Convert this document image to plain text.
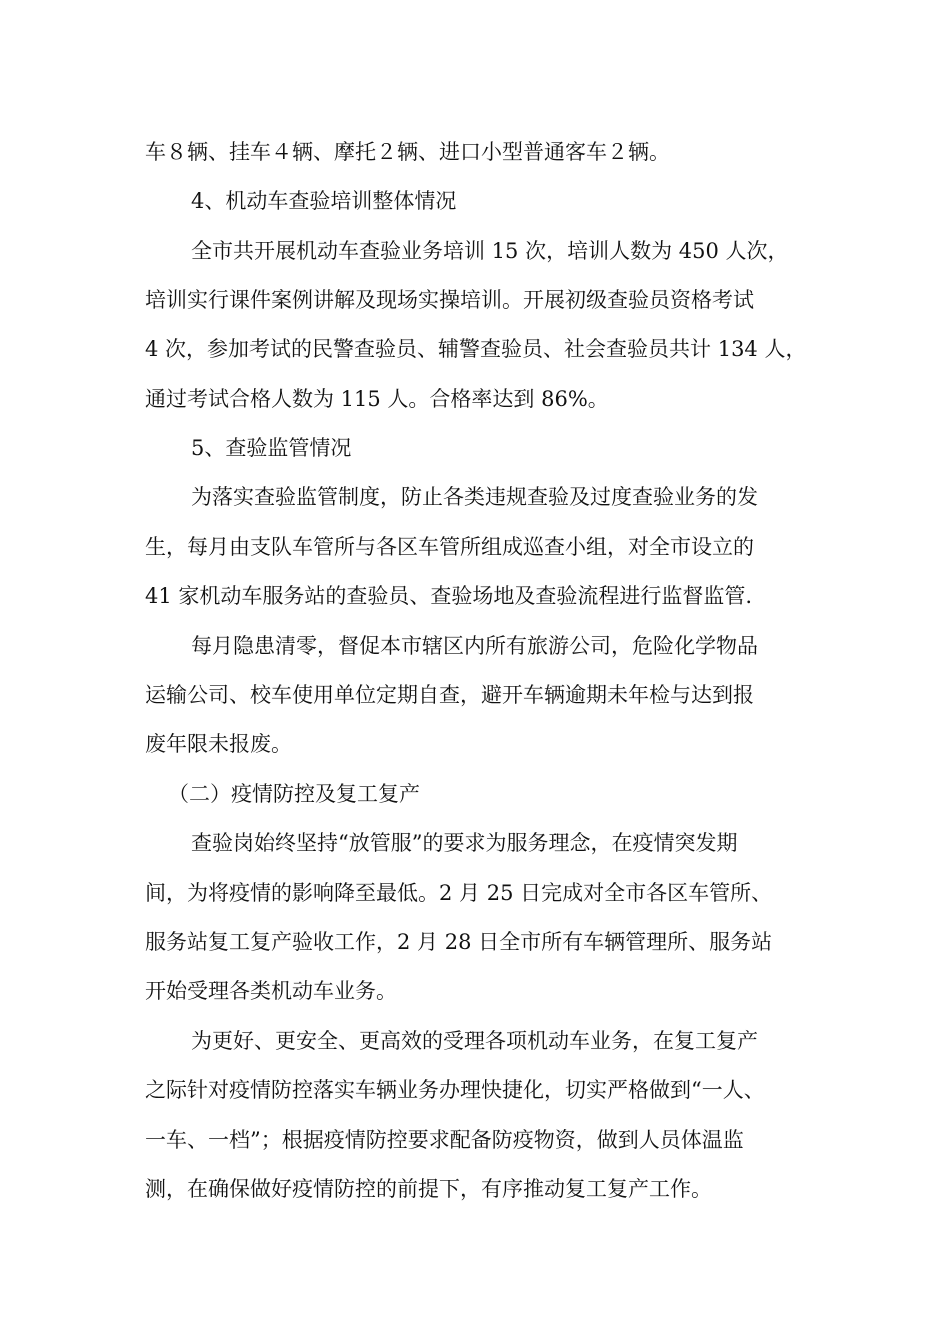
车８辆、挂车４辆、摩托２辆、进口小型普通客车２辆。
4、机动车查验培训整体情况
全市共开展机动车查验业务培训 15 次，培训人数为 450 人次，
培训实行课件案例讲解及现场实操培训。开展初级查验员资格考试
4 次，参加考试的民警查验员、辅警查验员、社会查验员共计 134 人，
通过考试合格人数为 115 人。合格率达到 86%。
5、查验监管情况
为落实查验监管制度，防止各类违规查验及过度查验业务的发
生，每月由支队车管所与各区车管所组成巡查小组，对全市设立的
41 家机动车服务站的查验员、查验场地及查验流程进行监督监管.
每月隐患清零，督促本市辖区内所有旅游公司，危险化学物品
运输公司、校车使用单位定期自查，避开车辆逾期未年检与达到报
废年限未报废。
（二）疫情防控及复工复产
查验岗始终坚持“放管服”的要求为服务理念，在疫情突发期
间，为将疫情的影响降至最低。2 月 25 日完成对全市各区车管所、
服务站复工复产验收工作，2 月 28 日全市所有车辆管理所、服务站
开始受理各类机动车业务。
为更好、更安全、更高效的受理各项机动车业务，在复工复产
之际针对疫情防控落实车辆业务办理快捷化，切实严格做到“一人、
一车、一档”；根据疫情防控要求配备防疫物资，做到人员体温监
测，在确保做好疫情防控的前提下，有序推动复工复产工作。
